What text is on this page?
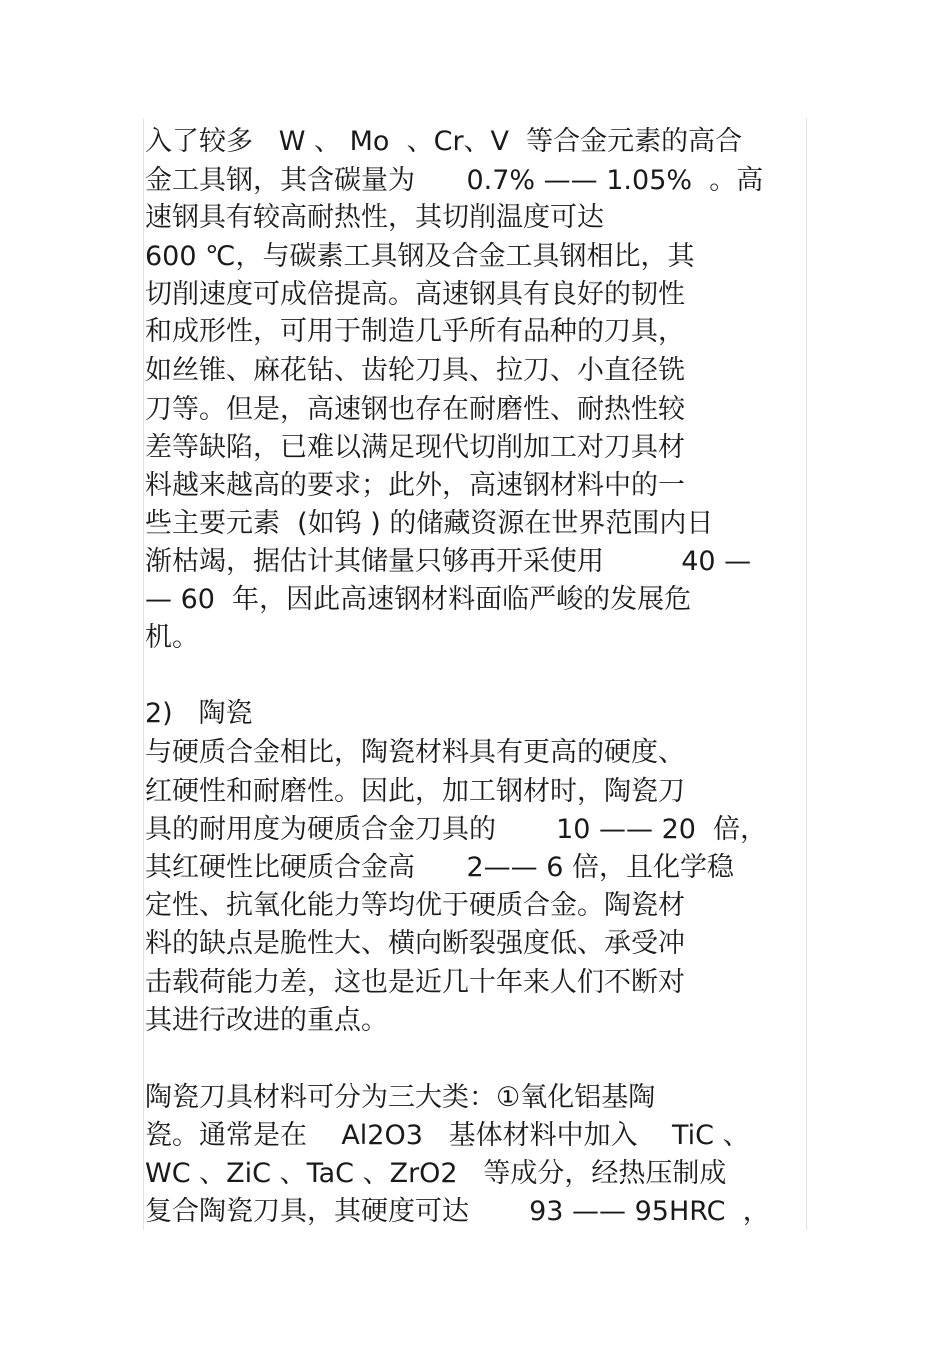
入了较多   W 、 Mo  、Cr、V  等合金元素的高合
金工具钢，其含碳量为      0.7% —— 1.05%  。高
速钢具有较高耐热性，其切削温度可达
600 ℃，与碳素工具钢及合金工具钢相比，其
切削速度可成倍提高。高速钢具有良好的韧性
和成形性，可用于制造几乎所有品种的刀具，
如丝锥、麻花钻、齿轮刀具、拉刀、小直径铣
刀等。但是，高速钢也存在耐磨性、耐热性较
差等缺陷，已难以满足现代切削加工对刀具材
料越来越高的要求；此外，高速钢材料中的一
些主要元素  (如钨 ) 的储藏资源在世界范围内日
渐枯竭，据估计其储量只够再开采使用         40 —
— 60  年，因此高速钢材料面临严峻的发展危
机。
2)   陶瓷
与硬质合金相比，陶瓷材料具有更高的硬度、
红硬性和耐磨性。因此，加工钢材时，陶瓷刀
具的耐用度为硬质合金刀具的       10 —— 20  倍，
其红硬性比硬质合金高      2—— 6 倍，且化学稳
定性、抗氧化能力等均优于硬质合金。陶瓷材
料的缺点是脆性大、横向断裂强度低、承受冲
击载荷能力差，这也是近几十年来人们不断对
其进行改进的重点。
陶瓷刀具材料可分为三大类：①氧化铝基陶
瓷。通常是在    Al2O3   基体材料中加入    TiC 、
WC 、ZiC 、TaC 、ZrO2   等成分，经热压制成
复合陶瓷刀具，其硬度可达       93 —— 95HRC  ，
